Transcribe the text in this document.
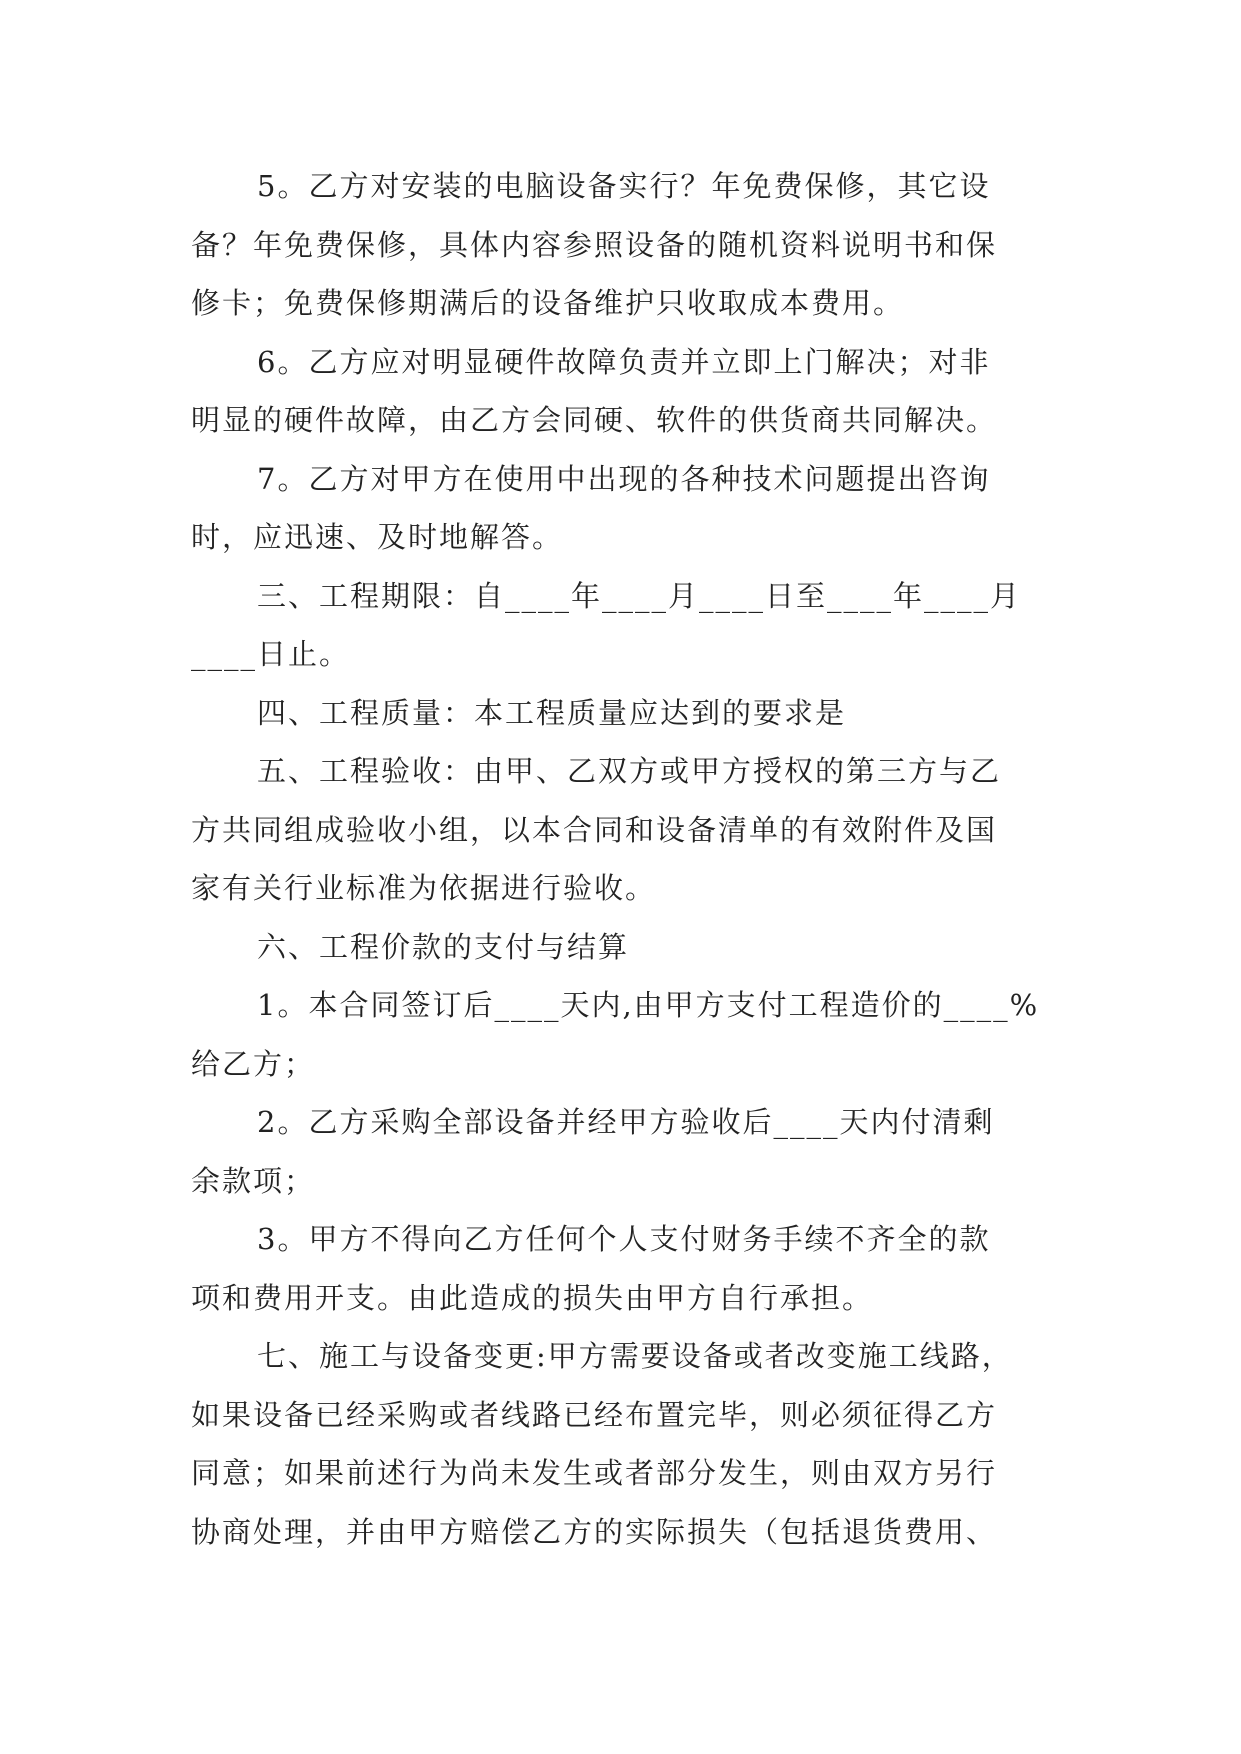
5。乙方对安装的电脑设备实行？年免费保修，其它设
备？年免费保修，具体内容参照设备的随机资料说明书和保
修卡；免费保修期满后的设备维护只收取成本费用。

6。乙方应对明显硬件故障负责并立即上门解决；对非
明显的硬件故障，由乙方会同硬、软件的供货商共同解决。

7。乙方对甲方在使用中出现的各种技术问题提出咨询
时，应迅速、及时地解答。

三、工程期限：自____年____月____日至____年____月
____日止。

四、工程质量：本工程质量应达到的要求是

五、工程验收：由甲、乙双方或甲方授权的第三方与乙
方共同组成验收小组，以本合同和设备清单的有效附件及国
家有关行业标准为依据进行验收。

六、工程价款的支付与结算

1。本合同签订后____天内,由甲方支付工程造价的____%
给乙方；

2。乙方采购全部设备并经甲方验收后____天内付清剩
余款项；

3。甲方不得向乙方任何个人支付财务手续不齐全的款
项和费用开支。由此造成的损失由甲方自行承担。

七、施工与设备变更:甲方需要设备或者改变施工线路，
如果设备已经采购或者线路已经布置完毕，则必须征得乙方
同意；如果前述行为尚未发生或者部分发生，则由双方另行
协商处理，并由甲方赔偿乙方的实际损失（包括退货费用、
